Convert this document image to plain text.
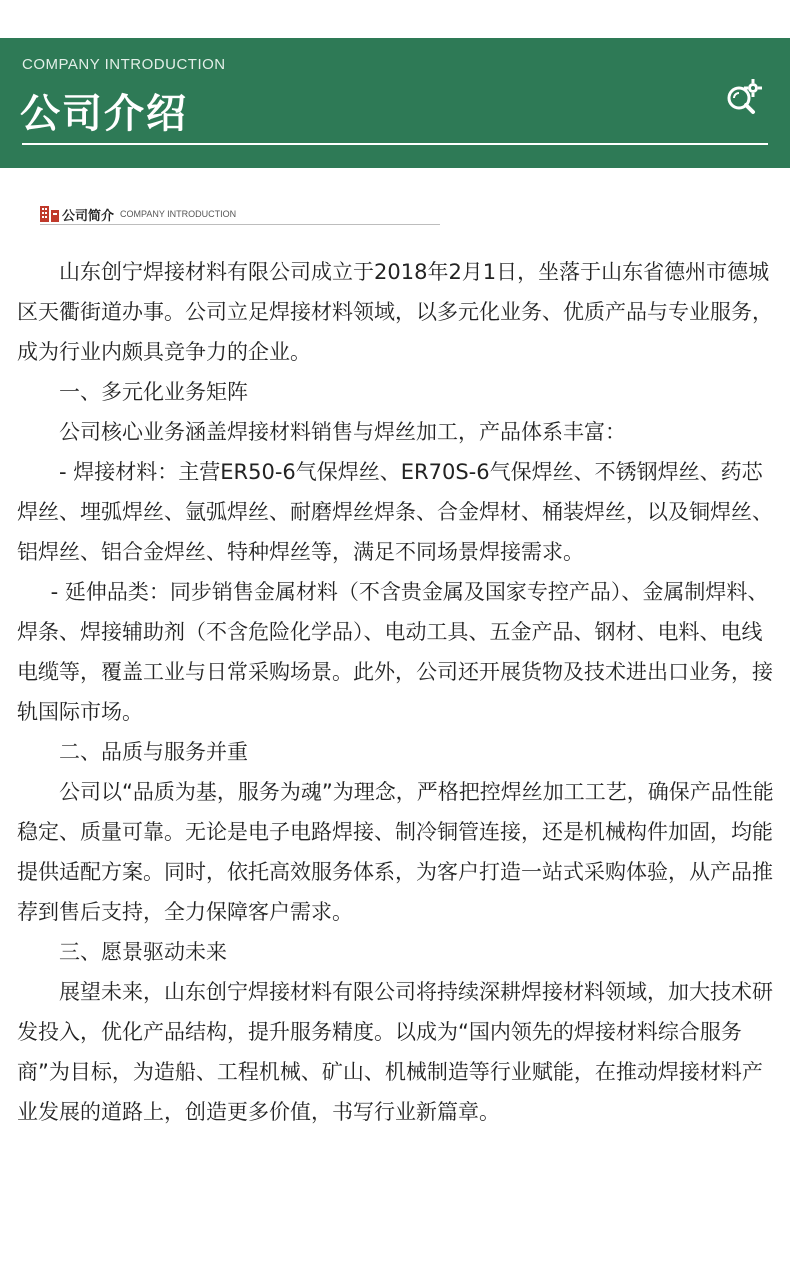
COMPANY INTRODUCTION
公司介绍
公司简介 COMPANY INTRODUCTION

山东创宁焊接材料有限公司成立于2018年2月1日，坐落于山东省德州市德城区天衢街道办事。公司立足焊接材料领域，以多元化业务、优质产品与专业服务，成为行业内颇具竞争力的企业。

一、多元化业务矩阵

公司核心业务涵盖焊接材料销售与焊丝加工，产品体系丰富：

- 焊接材料：主营ER50-6气保焊丝、ER70S-6气保焊丝、不锈钢焊丝、药芯焊丝、埋弧焊丝、氩弧焊丝、耐磨焊丝焊条、合金焊材、桶装焊丝，以及铜焊丝、铝焊丝、铝合金焊丝、特种焊丝等，满足不同场景焊接需求。

- 延伸品类：同步销售金属材料（不含贵金属及国家专控产品）、金属制焊料、焊条、焊接辅助剂（不含危险化学品）、电动工具、五金产品、钢材、电料、电线电缆等，覆盖工业与日常采购场景。此外，公司还开展货物及技术进出口业务，接轨国际市场。

二、品质与服务并重

公司以“品质为基，服务为魂”为理念，严格把控焊丝加工工艺，确保产品性能稳定、质量可靠。无论是电子电路焊接、制冷铜管连接，还是机械构件加固，均能提供适配方案。同时，依托高效服务体系，为客户打造一站式采购体验，从产品推荐到售后支持，全力保障客户需求。

三、愿景驱动未来

展望未来，山东创宁焊接材料有限公司将持续深耕焊接材料领域，加大技术研发投入，优化产品结构，提升服务精度。以成为“国内领先的焊接材料综合服务商”为目标，为造船、工程机械、矿山、机械制造等行业赋能，在推动焊接材料产业发展的道路上，创造更多价值，书写行业新篇章。
